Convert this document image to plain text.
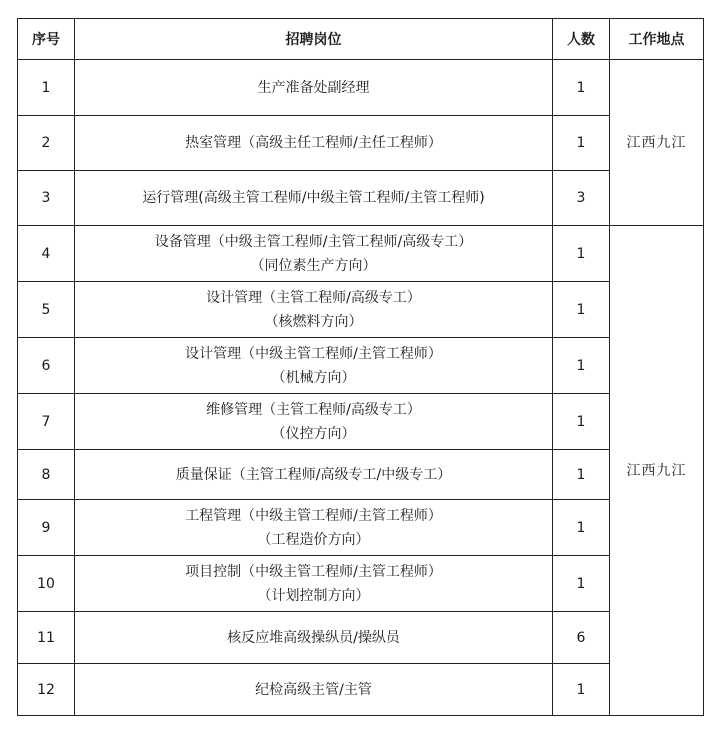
序号	招聘岗位	人数	工作地点
1	生产准备处副经理	1	江西九江
2	热室管理（高级主任工程师/主任工程师）	1	
3	运行管理(高级主管工程师/中级主管工程师/主管工程师)	3	
4	设备管理（中级主管工程师/主管工程师/高级专工）
（同位素生产方向）	1	江西九江
5	设计管理（主管工程师/高级专工）
（核燃料方向）	1	
6	设计管理（中级主管工程师/主管工程师）
（机械方向）	1	
7	维修管理（主管工程师/高级专工）
（仪控方向）	1	
8	质量保证（主管工程师/高级专工/中级专工）	1	
9	工程管理（中级主管工程师/主管工程师）
（工程造价方向）	1	
10	项目控制（中级主管工程师/主管工程师）
（计划控制方向）	1	
11	核反应堆高级操纵员/操纵员	6	
12	纪检高级主管/主管	1	
